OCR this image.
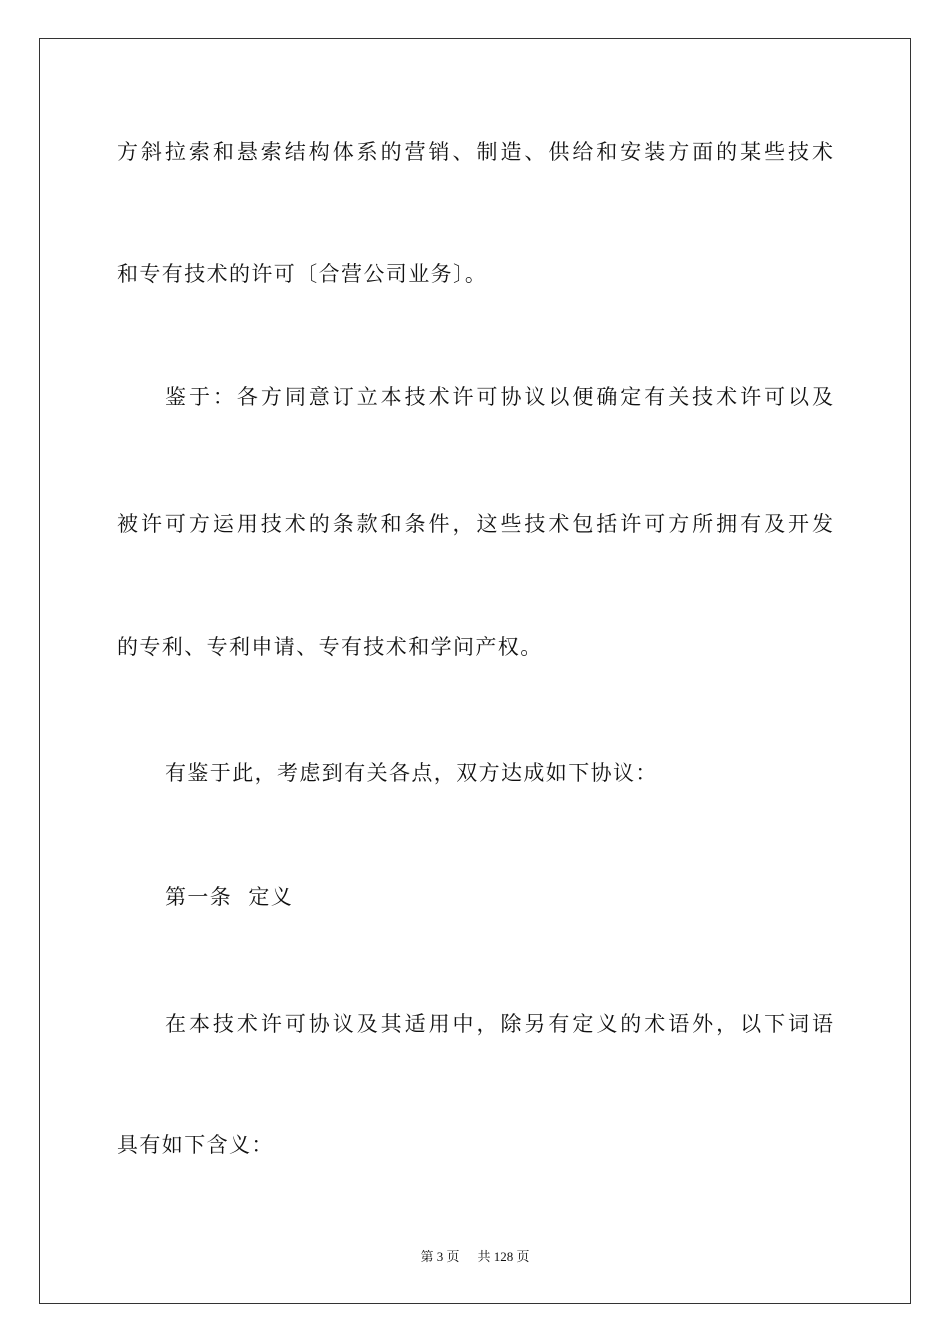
方斜拉索和悬索结构体系的营销、制造、供给和安装方面的某些技术
和专有技术的许可〔合营公司业务〕。
鉴于：各方同意订立本技术许可协议以便确定有关技术许可以及
被许可方运用技术的条款和条件，这些技术包括许可方所拥有及开发
的专利、专利申请、专有技术和学问产权。
有鉴于此，考虑到有关各点，双方达成如下协议：
第一条  定义
在本技术许可协议及其适用中，除另有定义的术语外，以下词语
具有如下含义：
第 3 页 共 128 页
